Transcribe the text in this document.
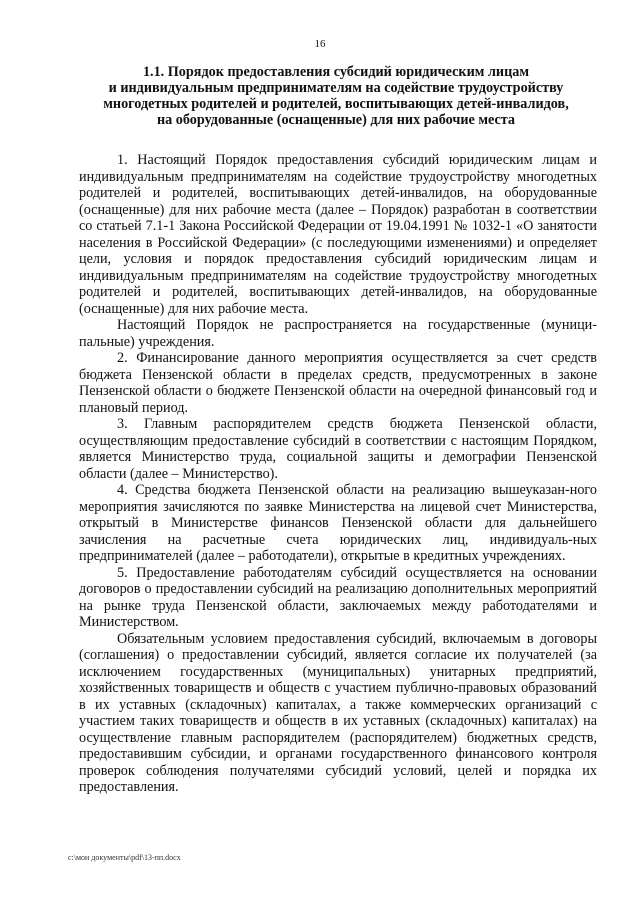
16
1.1. Порядок предоставления субсидий юридическим лицам
и индивидуальным предпринимателям на содействие трудоустройству
многодетных родителей и родителей, воспитывающих детей-инвалидов,
на оборудованные (оснащенные) для них рабочие места

1. Настоящий Порядок предоставления субсидий юридическим лицам и индивидуальным предпринимателям на содействие трудоустройству многодетных родителей и родителей, воспитывающих детей-инвалидов, на оборудованные (оснащенные) для них рабочие места (далее – Порядок) разработан в соответствии со статьей 7.1-1 Закона Российской Федерации от 19.04.1991 № 1032-1 «О занятости населения в Российской Федерации» (с последующими изменениями) и определяет цели, условия и порядок предоставления субсидий юридическим лицам и индивидуальным предпринимателям на содействие трудоустройству многодетных родителей и родителей, воспитывающих детей-инвалидов, на оборудованные (оснащенные) для них рабочие места.

Настоящий Порядок не распространяется на государственные (муници-пальные) учреждения.

2. Финансирование данного мероприятия осуществляется за счет средств бюджета Пензенской области в пределах средств, предусмотренных в законе Пензенской области о бюджете Пензенской области на очередной финансовый год и плановый период.

3. Главным распорядителем средств бюджета Пензенской области, осуществляющим предоставление субсидий в соответствии с настоящим Порядком, является Министерство труда, социальной защиты и демографии Пензенской области (далее – Министерство).

4. Средства бюджета Пензенской области на реализацию вышеуказан-ного мероприятия зачисляются по заявке Министерства на лицевой счет Министерства, открытый в Министерстве финансов Пензенской области для дальнейшего зачисления на расчетные счета юридических лиц, индивидуаль-ных предпринимателей (далее – работодатели), открытые в кредитных учреждениях.

5. Предоставление работодателям субсидий осуществляется на основании договоров о предоставлении субсидий на реализацию дополнительных мероприятий на рынке труда Пензенской области, заключаемых между работодателями и Министерством.

Обязательным условием предоставления субсидий, включаемым в договоры (соглашения) о предоставлении субсидий, является согласие их получателей (за исключением государственных (муниципальных) унитарных предприятий, хозяйственных товариществ и обществ с участием публично-правовых образований в их уставных (складочных) капиталах, а также коммерческих организаций с участием таких товариществ и обществ в их уставных (складочных) капиталах) на осуществление главным распорядителем (распорядителем) бюджетных средств, предоставившим субсидии, и органами государственного финансового контроля проверок соблюдения получателями субсидий условий, целей и порядка их предоставления.

c:\мои документы\pdf\13-пп.docx
